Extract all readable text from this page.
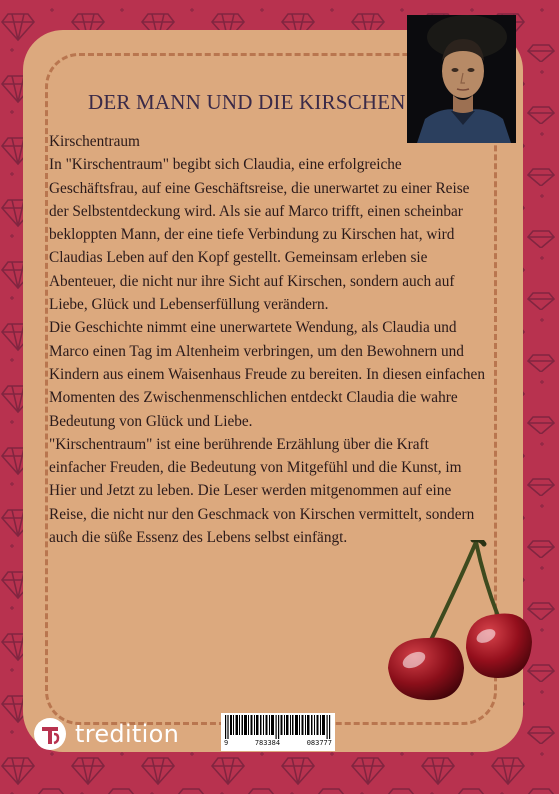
DER MANN UND DIE KIRSCHEN

Kirschentraum

In "Kirschentraum" begibt sich Claudia, eine erfolgreiche Geschäftsfrau, auf eine Geschäftsreise, die unerwartet zu einer Reise der Selbstentdeckung wird. Als sie auf Marco trifft, einen scheinbar bekloppten Mann, der eine tiefe Verbindung zu Kirschen hat, wird Claudias Leben auf den Kopf gestellt. Gemeinsam erleben sie Abenteuer, die nicht nur ihre Sicht auf Kirschen, sondern auch auf Liebe, Glück und Lebenserfüllung verändern.

Die Geschichte nimmt eine unerwartete Wendung, als Claudia und Marco einen Tag im Altenheim verbringen, um den Bewohnern und Kindern aus einem Waisenhaus Freude zu bereiten. In diesen einfachen Momenten des Zwischenmenschlichen entdeckt Claudia die wahre Bedeutung von Glück und Liebe.

"Kirschentraum" ist eine berührende Erzählung über die Kraft einfacher Freuden, die Bedeutung von Mitgefühl und die Kunst, im Hier und Jetzt zu leben. Die Leser werden mitgenommen auf eine Reise, die nicht nur den Geschmack von Kirschen vermittelt, sondern auch die süße Essenz des Lebens selbst einfängt.

tredition	9	783384	083777
